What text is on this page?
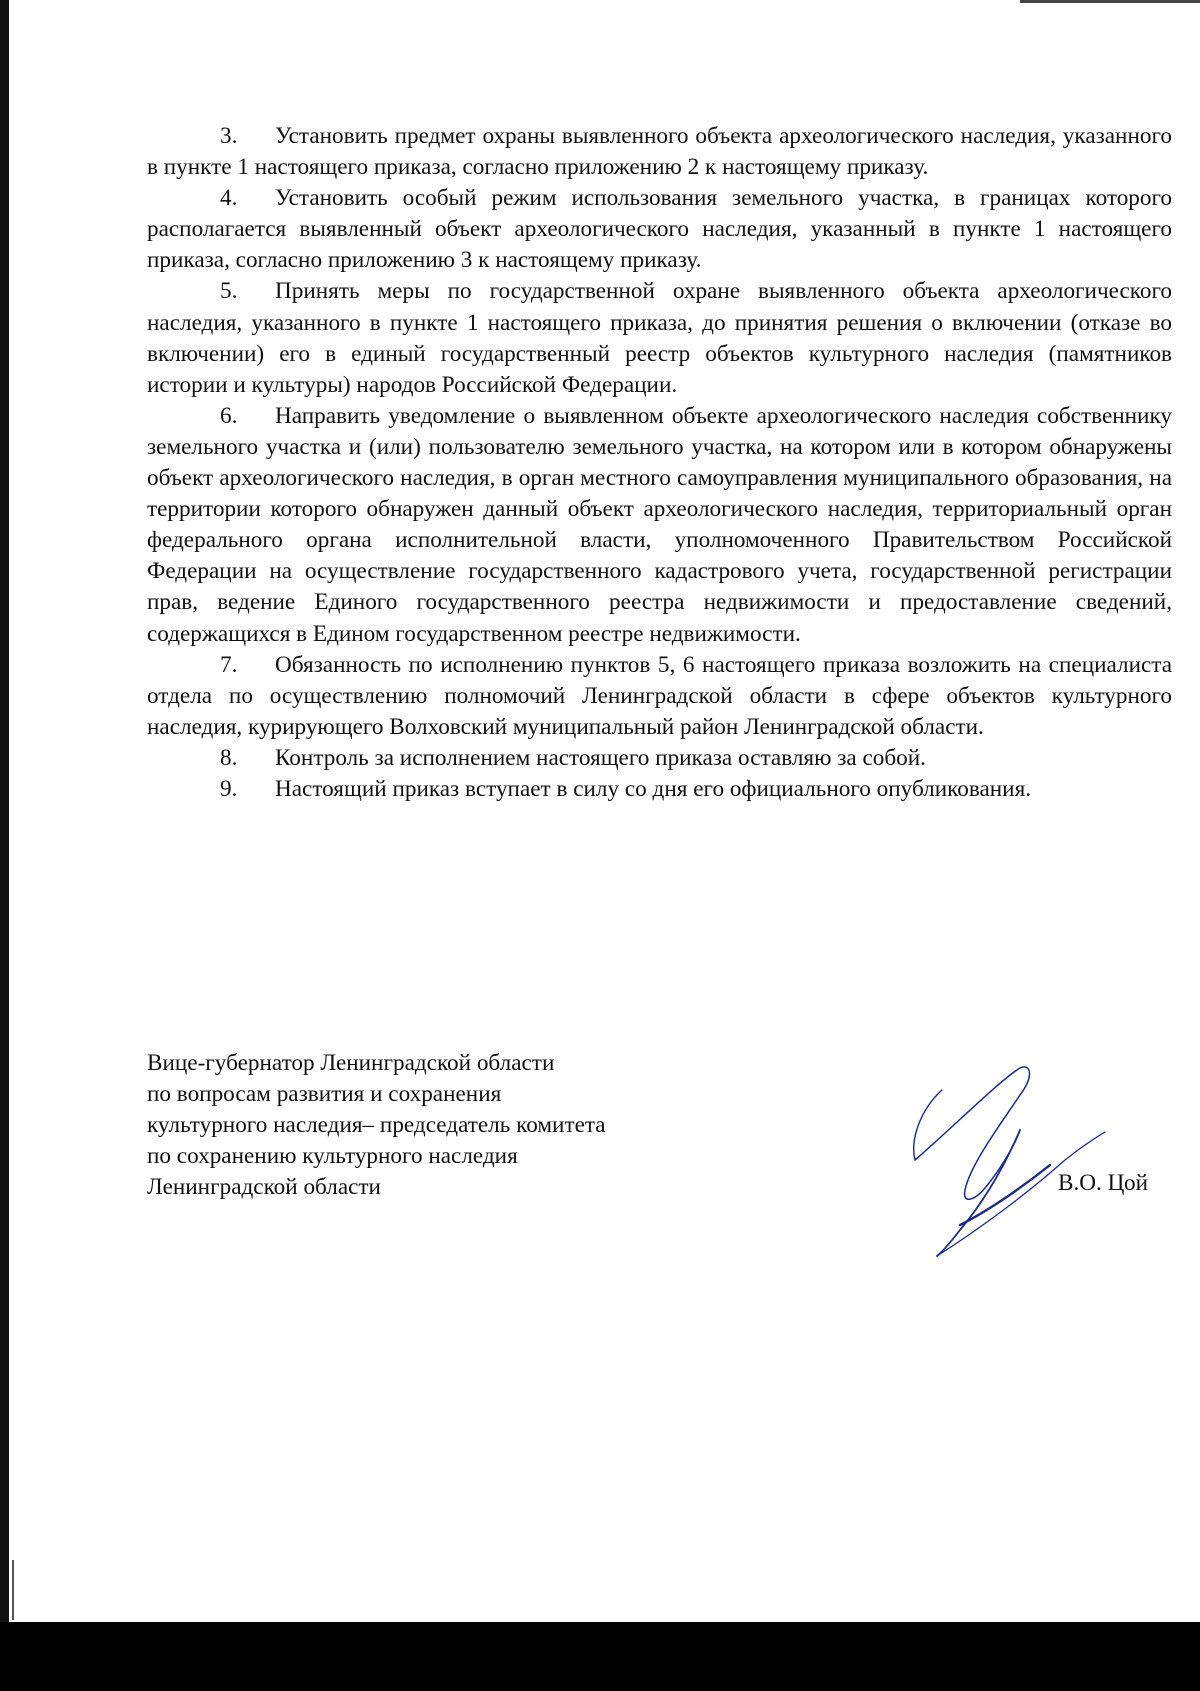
3. Установить предмет охраны выявленного объекта археологического наследия, указанного в пункте 1 настоящего приказа, согласно приложению 2 к настоящему приказу.

4. Установить особый режим использования земельного участка, в границах которого располагается выявленный объект археологического наследия, указанный в пункте 1 настоящего приказа, согласно приложению 3 к настоящему приказу.

5. Принять меры по государственной охране выявленного объекта археологического наследия, указанного в пункте 1 настоящего приказа, до принятия решения о включении (отказе во включении) его в единый государственный реестр объектов культурного наследия (памятников истории и культуры) народов Российской Федерации.

6. Направить уведомление о выявленном объекте археологического наследия собственнику земельного участка и (или) пользователю земельного участка, на котором или в котором обнаружены объект археологического наследия, в орган местного самоуправления муниципального образования, на территории которого обнаружен данный объект археологического наследия, территориальный орган федерального органа исполнительной власти, уполномоченного Правительством Российской Федерации на осуществление государственного кадастрового учета, государственной регистрации прав, ведение Единого государственного реестра недвижимости и предоставление сведений, содержащихся в Едином государственном реестре недвижимости.

7. Обязанность по исполнению пунктов 5, 6 настоящего приказа возложить на специалиста отдела по осуществлению полномочий Ленинградской области в сфере объектов культурного наследия, курирующего Волховский муниципальный район Ленинградской области.

8. Контроль за исполнением настоящего приказа оставляю за собой.

9. Настоящий приказ вступает в силу со дня его официального опубликования.

Вице-губернатор Ленинградской области
по вопросам развития и сохранения
культурного наследия– председатель комитета
по сохранению культурного наследия
Ленинградской области	В.О. Цой
